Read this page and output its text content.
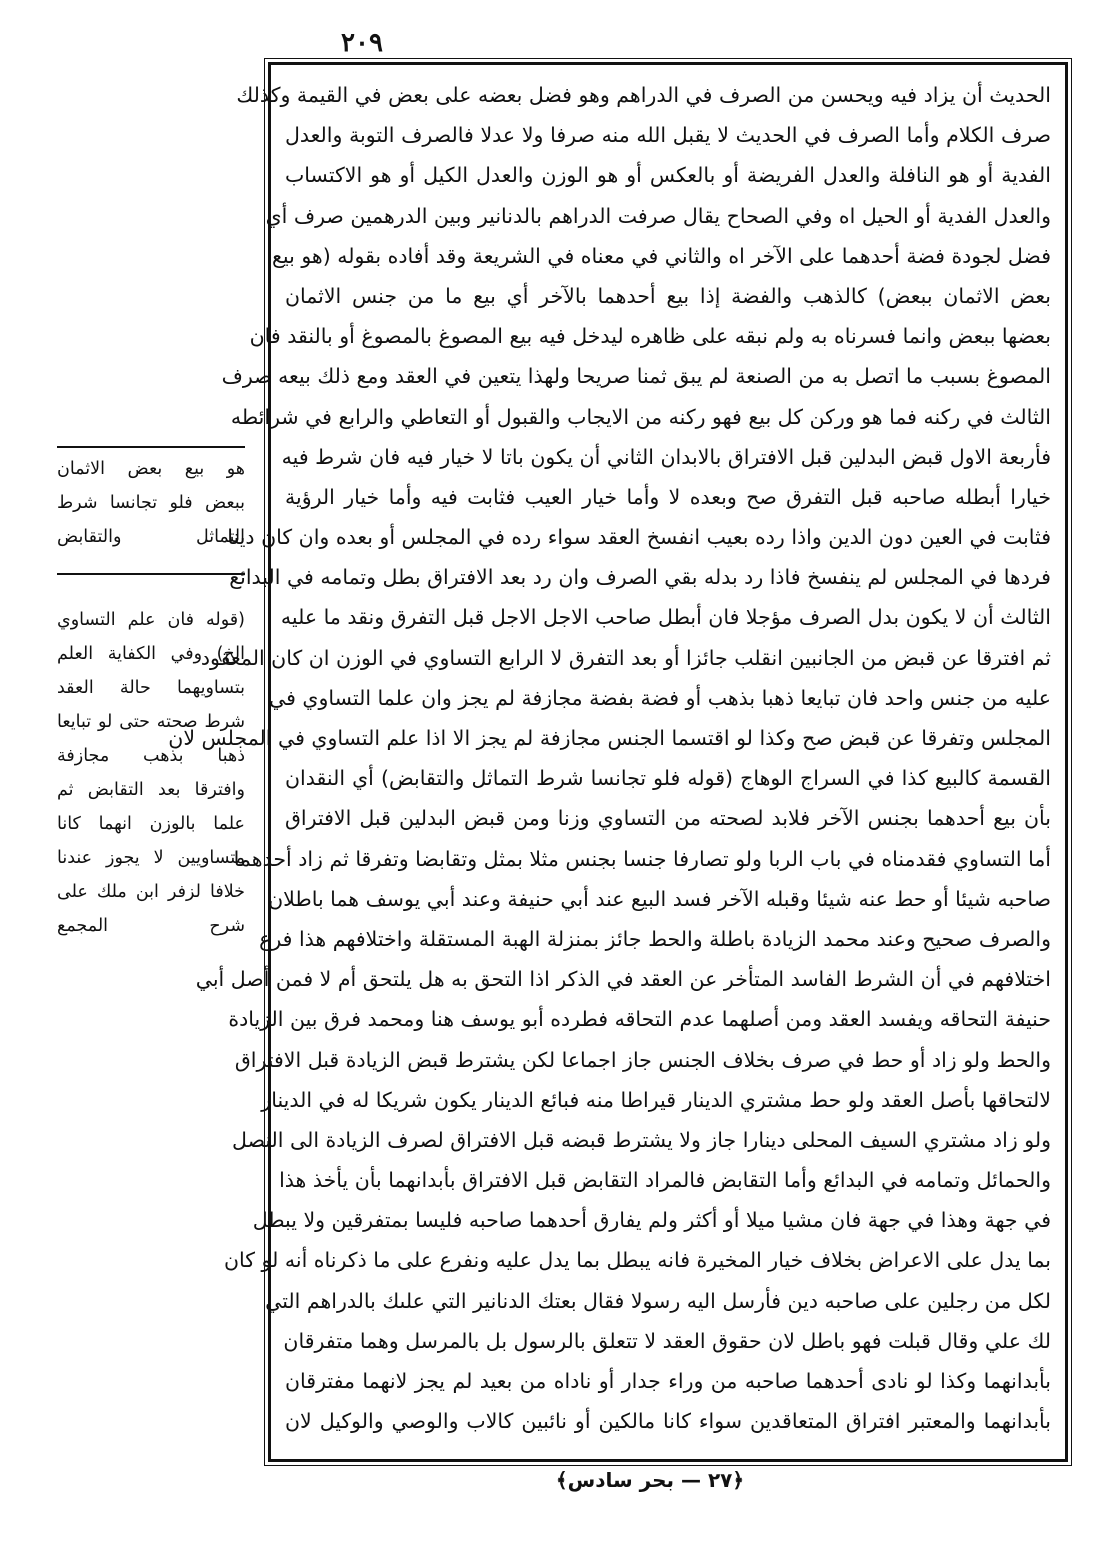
٢٠٩
الحديث أن يزاد فيه ويحسن من الصرف في الدراهم وهو فضل بعضه على بعض في القيمة وكذلك
صرف الكلام وأما الصرف في الحديث لا يقبل الله منه صرفا ولا عدلا فالصرف التوبة والعدل
الفدية أو هو النافلة والعدل الفريضة أو بالعكس أو هو الوزن والعدل الكيل أو هو الاكتساب
والعدل الفدية أو الحيل اه وفي الصحاح يقال صرفت الدراهم بالدنانير وبين الدرهمين صرف أي
فضل لجودة فضة أحدهما على الآخر اه والثاني في معناه في الشريعة وقد أفاده بقوله (هو بيع
بعض الاثمان ببعض) كالذهب والفضة إذا بيع أحدهما بالآخر أي بيع ما من جنس الاثمان
بعضها ببعض وانما فسرناه به ولم نبقه على ظاهره ليدخل فيه بيع المصوغ بالمصوغ أو بالنقد فان
المصوغ بسبب ما اتصل به من الصنعة لم يبق ثمنا صريحا ولهذا يتعين في العقد ومع ذلك بيعه صرف
الثالث في ركنه فما هو وركن كل بيع فهو ركنه من الايجاب والقبول أو التعاطي والرابع في شرائطه
فأربعة الاول قبض البدلين قبل الافتراق بالابدان الثاني أن يكون باتا لا خيار فيه فان شرط فيه
خيارا أبطله صاحبه قبل التفرق صح وبعده لا وأما خيار العيب فثابت فيه وأما خيار الرؤية
فثابت في العين دون الدين واذا رده بعيب انفسخ العقد سواء رده في المجلس أو بعده وان كان دينا
فردها في المجلس لم ينفسخ فاذا رد بدله بقي الصرف وان رد بعد الافتراق بطل وتمامه في البدائع
الثالث أن لا يكون بدل الصرف مؤجلا فان أبطل صاحب الاجل الاجل قبل التفرق ونقد ما عليه
ثم افترقا عن قبض من الجانبين انقلب جائزا أو بعد التفرق لا الرابع التساوي في الوزن ان كان المعقود
عليه من جنس واحد فان تبايعا ذهبا بذهب أو فضة بفضة مجازفة لم يجز وان علما التساوي في
المجلس وتفرقا عن قبض صح وكذا لو اقتسما الجنس مجازفة لم يجز الا اذا علم التساوي في المجلس لان
القسمة كالبيع كذا في السراج الوهاج (قوله فلو تجانسا شرط التماثل والتقابض) أي النقدان
بأن بيع أحدهما بجنس الآخر فلابد لصحته من التساوي وزنا ومن قبض البدلين قبل الافتراق
أما التساوي فقدمناه في باب الربا ولو تصارفا جنسا بجنس مثلا بمثل وتقابضا وتفرقا ثم زاد أحدهما
صاحبه شيئا أو حط عنه شيئا وقبله الآخر فسد البيع عند أبي حنيفة وعند أبي يوسف هما باطلان
والصرف صحيح وعند محمد الزيادة باطلة والحط جائز بمنزلة الهبة المستقلة واختلافهم هذا فرع
اختلافهم في أن الشرط الفاسد المتأخر عن العقد في الذكر اذا التحق به هل يلتحق أم لا فمن أصل أبي
حنيفة التحاقه ويفسد العقد ومن أصلهما عدم التحاقه فطرده أبو يوسف هنا ومحمد فرق بين الزيادة
والحط ولو زاد أو حط في صرف بخلاف الجنس جاز اجماعا لكن يشترط قبض الزيادة قبل الافتراق
لالتحاقها بأصل العقد ولو حط مشتري الدينار قيراطا منه فبائع الدينار يكون شريكا له في الدينار
ولو زاد مشتري السيف المحلى دينارا جاز ولا يشترط قبضه قبل الافتراق لصرف الزيادة الى النصل
والحمائل وتمامه في البدائع وأما التقابض فالمراد التقابض قبل الافتراق بأبدانهما بأن يأخذ هذا
في جهة وهذا في جهة فان مشيا ميلا أو أكثر ولم يفارق أحدهما صاحبه فليسا بمتفرقين ولا يبطل
بما يدل على الاعراض بخلاف خيار المخيرة فانه يبطل بما يدل عليه ونفرع على ما ذكرناه أنه لو كان
لكل من رجلين على صاحبه دين فأرسل اليه رسولا فقال بعتك الدنانير التي علىك بالدراهم التي
لك علي وقال قبلت فهو باطل لان حقوق العقد لا تتعلق بالرسول بل بالمرسل وهما متفرقان
بأبدانهما وكذا لو نادى أحدهما صاحبه من وراء جدار أو ناداه من بعيد لم يجز لانهما مفترقان
بأبدانهما والمعتبر افتراق المتعاقدين سواء كانا مالكين أو نائبين كالاب والوصي والوكيل لان
هو بيع بعض الاثمان
ببعض فلو تجانسا شرط
التماثل والتقابض
(قوله فان علم التساوي
الخ) وفي الكفاية العلم
بتساويهما حالة العقد
شرط صحته حتى لو تبايعا
ذهبا بذهب مجازفة
وافترقا بعد التقابض ثم
علما بالوزن انهما كانا
متساويين لا يجوز عندنا
خلافا لزفر ابن ملك على
شرح المجمع
﴿٢٧ — بحر سادس﴾
